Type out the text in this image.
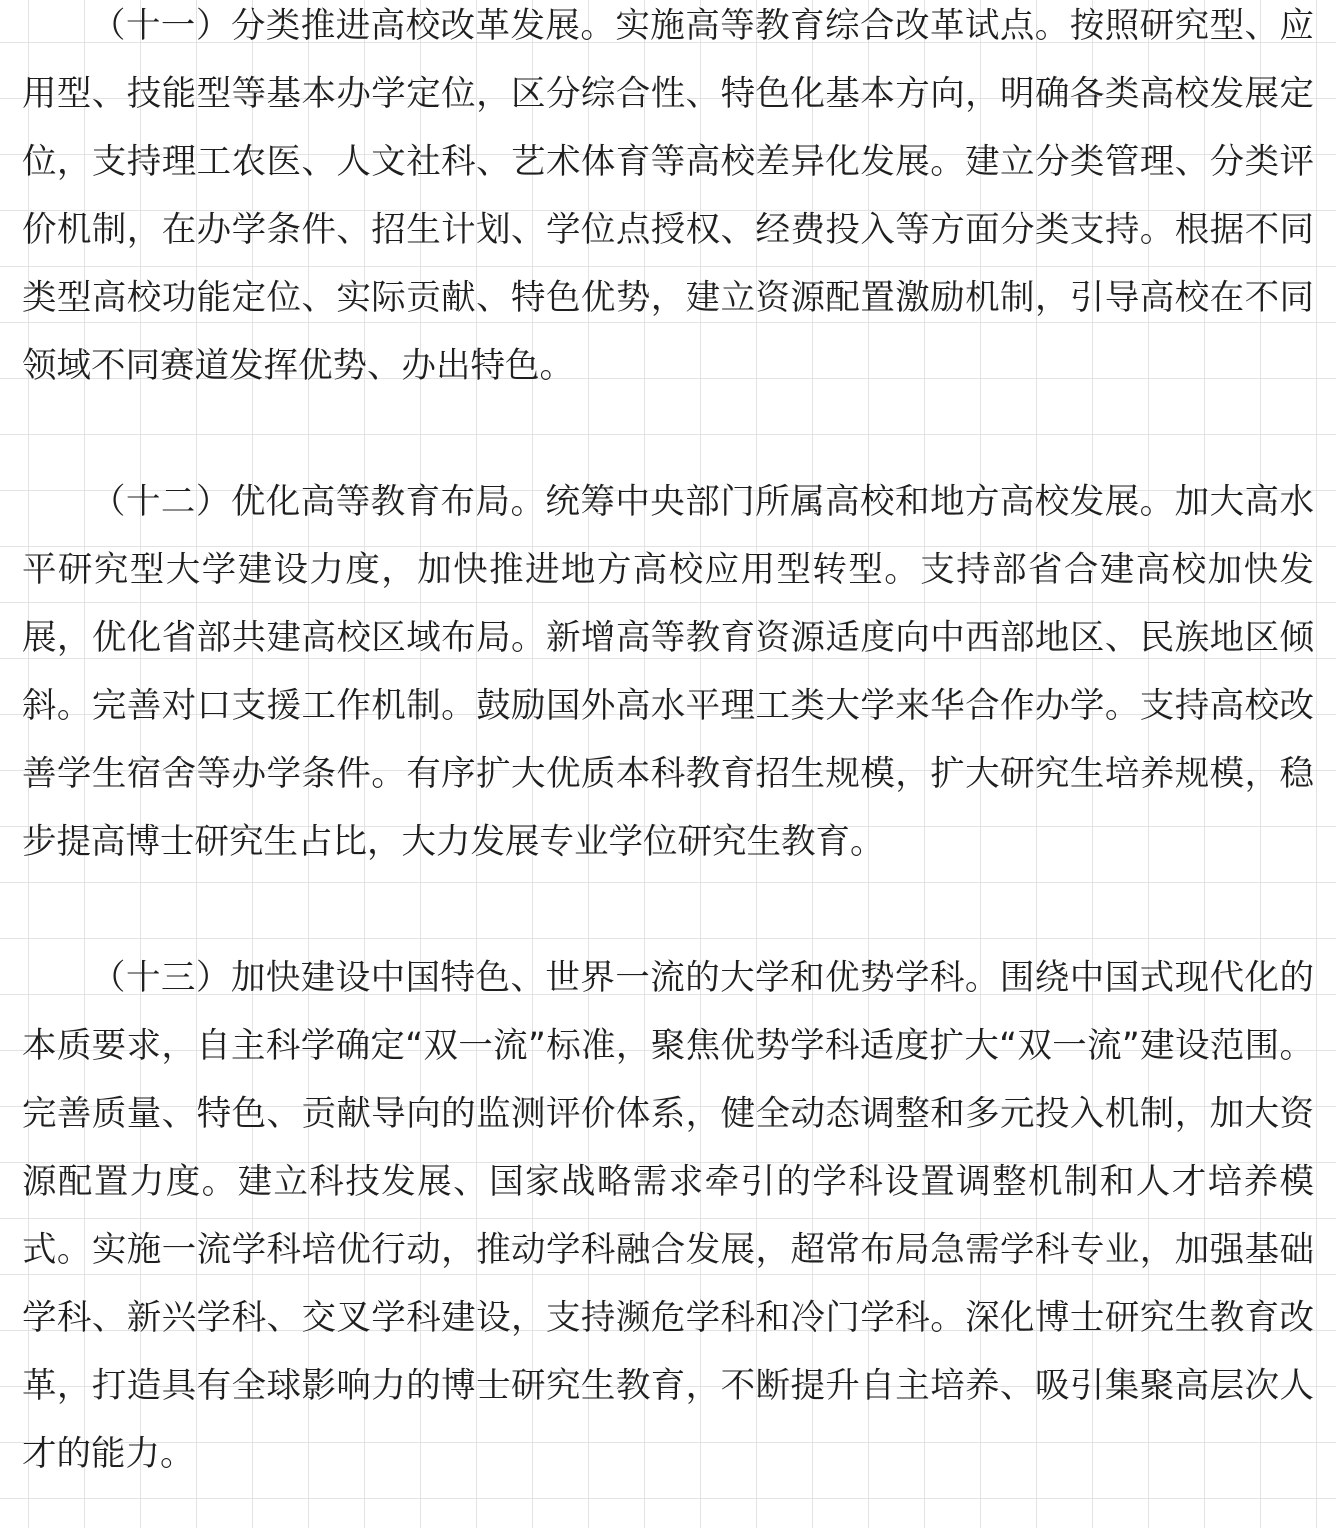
（十一）分类推进高校改革发展。实施高等教育综合改革试点。按照研究型、应用型、技能型等基本办学定位，区分综合性、特色化基本方向，明确各类高校发展定位，支持理工农医、人文社科、艺术体育等高校差异化发展。建立分类管理、分类评价机制，在办学条件、招生计划、学位点授权、经费投入等方面分类支持。根据不同类型高校功能定位、实际贡献、特色优势，建立资源配置激励机制，引导高校在不同领域不同赛道发挥优势、办出特色。

（十二）优化高等教育布局。统筹中央部门所属高校和地方高校发展。加大高水平研究型大学建设力度，加快推进地方高校应用型转型。支持部省合建高校加快发展，优化省部共建高校区域布局。新增高等教育资源适度向中西部地区、民族地区倾斜。完善对口支援工作机制。鼓励国外高水平理工类大学来华合作办学。支持高校改善学生宿舍等办学条件。有序扩大优质本科教育招生规模，扩大研究生培养规模，稳步提高博士研究生占比，大力发展专业学位研究生教育。

（十三）加快建设中国特色、世界一流的大学和优势学科。围绕中国式现代化的本质要求，自主科学确定“双一流”标准，聚焦优势学科适度扩大“双一流”建设范围。完善质量、特色、贡献导向的监测评价体系，健全动态调整和多元投入机制，加大资源配置力度。建立科技发展、国家战略需求牵引的学科设置调整机制和人才培养模式。实施一流学科培优行动，推动学科融合发展，超常布局急需学科专业，加强基础学科、新兴学科、交叉学科建设，支持濒危学科和冷门学科。深化博士研究生教育改革，打造具有全球影响力的博士研究生教育，不断提升自主培养、吸引集聚高层次人才的能力。
